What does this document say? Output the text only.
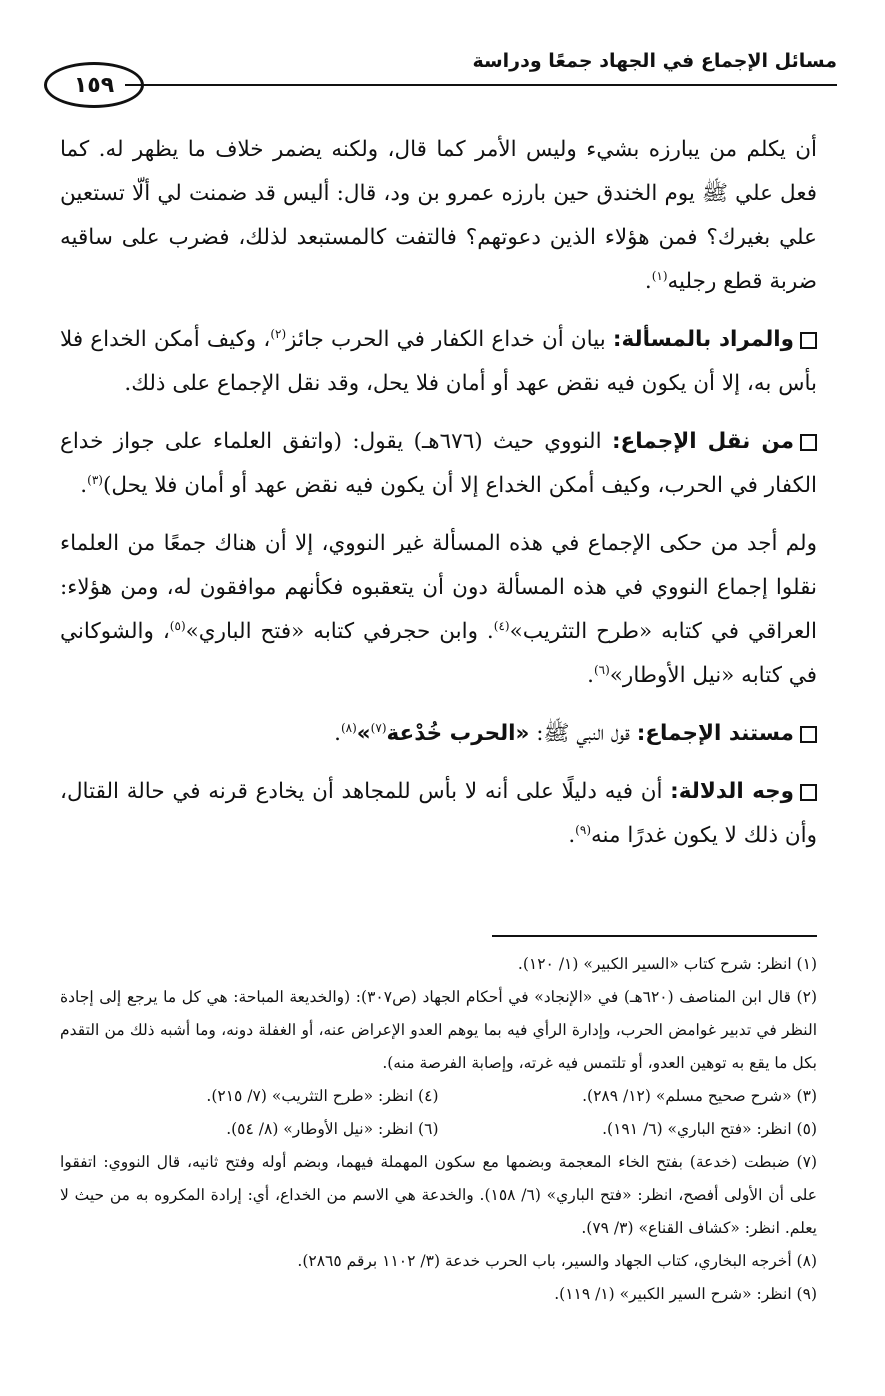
مسائل الإجماع في الجهاد جمعًا ودراسة
١٥٩

أن يكلم من يبارزه بشيء وليس الأمر كما قال، ولكنه يضمر خلاف ما يظهر له. كما فعل علي ﷺ يوم الخندق حين بارزه عمرو بن ود، قال: أليس قد ضمنت لي ألّا تستعين علي بغيرك؟ فمن هؤلاء الذين دعوتهم؟ فالتفت كالمستبعد لذلك، فضرب على ساقيه ضربة قطع رجليه$^{(١)}$.

والمراد بالمسألة: بيان أن خداع الكفار في الحرب جائز$^{(٢)}$، وكيف أمكن الخداع فلا بأس به، إلا أن يكون فيه نقض عهد أو أمان فلا يحل، وقد نقل الإجماع على ذلك.

من نقل الإجماع: النووي حيث (٦٧٦هـ) يقول: (واتفق العلماء على جواز خداع الكفار في الحرب، وكيف أمكن الخداع إلا أن يكون فيه نقض عهد أو أمان فلا يحل)$^{(٣)}$.

ولم أجد من حكى الإجماع في هذه المسألة غير النووي، إلا أن هناك جمعًا من العلماء نقلوا إجماع النووي في هذه المسألة دون أن يتعقبوه فكأنهم موافقون له، ومن هؤلاء: العراقي في كتابه «طرح التثريب»$^{(٤)}$. وابن حجرفي كتابه «فتح الباري»$^{(٥)}$، والشوكاني في كتابه «نيل الأوطار»$^{(٦)}$.

مستند الإجماع: قول النبي ﷺ: «الحرب خُدْعة$^{(٧)}$»$^{(٨)}$.

وجه الدلالة: أن فيه دليلًا على أنه لا بأس للمجاهد أن يخادع قرنه في حالة القتال، وأن ذلك لا يكون غدرًا منه$^{(٩)}$.

(١) انظر: شرح كتاب «السير الكبير» (١/ ١٢٠).

(٢) قال ابن المناصف (٦٢٠هـ) في «الإنجاد» في أحكام الجهاد (ص٣٠٧): (والخديعة المباحة: هي كل ما يرجع إلى إجادة النظر في تدبير غوامض الحرب، وإدارة الرأي فيه بما يوهم العدو الإعراض عنه، أو الغفلة دونه، وما أشبه ذلك من التقدم بكل ما يقع به توهين العدو، أو تلتمس فيه غرته، وإصابة الفرصة منه).

(٣) «شرح صحيح مسلم» (١٢/ ٢٨٩).

(٤) انظر: «طرح التثريب» (٧/ ٢١٥).

(٥) انظر: «فتح الباري» (٦/ ١٩١).

(٦) انظر: «نيل الأوطار» (٨/ ٥٤).

(٧) ضبطت (خدعة) بفتح الخاء المعجمة وبضمها مع سكون المهملة فيهما، وبضم أوله وفتح ثانيه، قال النووي: اتفقوا على أن الأولى أفصح، انظر: «فتح الباري» (٦/ ١٥٨). والخدعة هي الاسم من الخداع، أي: إرادة المكروه به من حيث لا يعلم. انظر: «كشاف القناع» (٣/ ٧٩).

(٨) أخرجه البخاري، كتاب الجهاد والسير، باب الحرب خدعة (٣/ ١١٠٢ برقم ٢٨٦٥).

(٩) انظر: «شرح السير الكبير» (١/ ١١٩).
